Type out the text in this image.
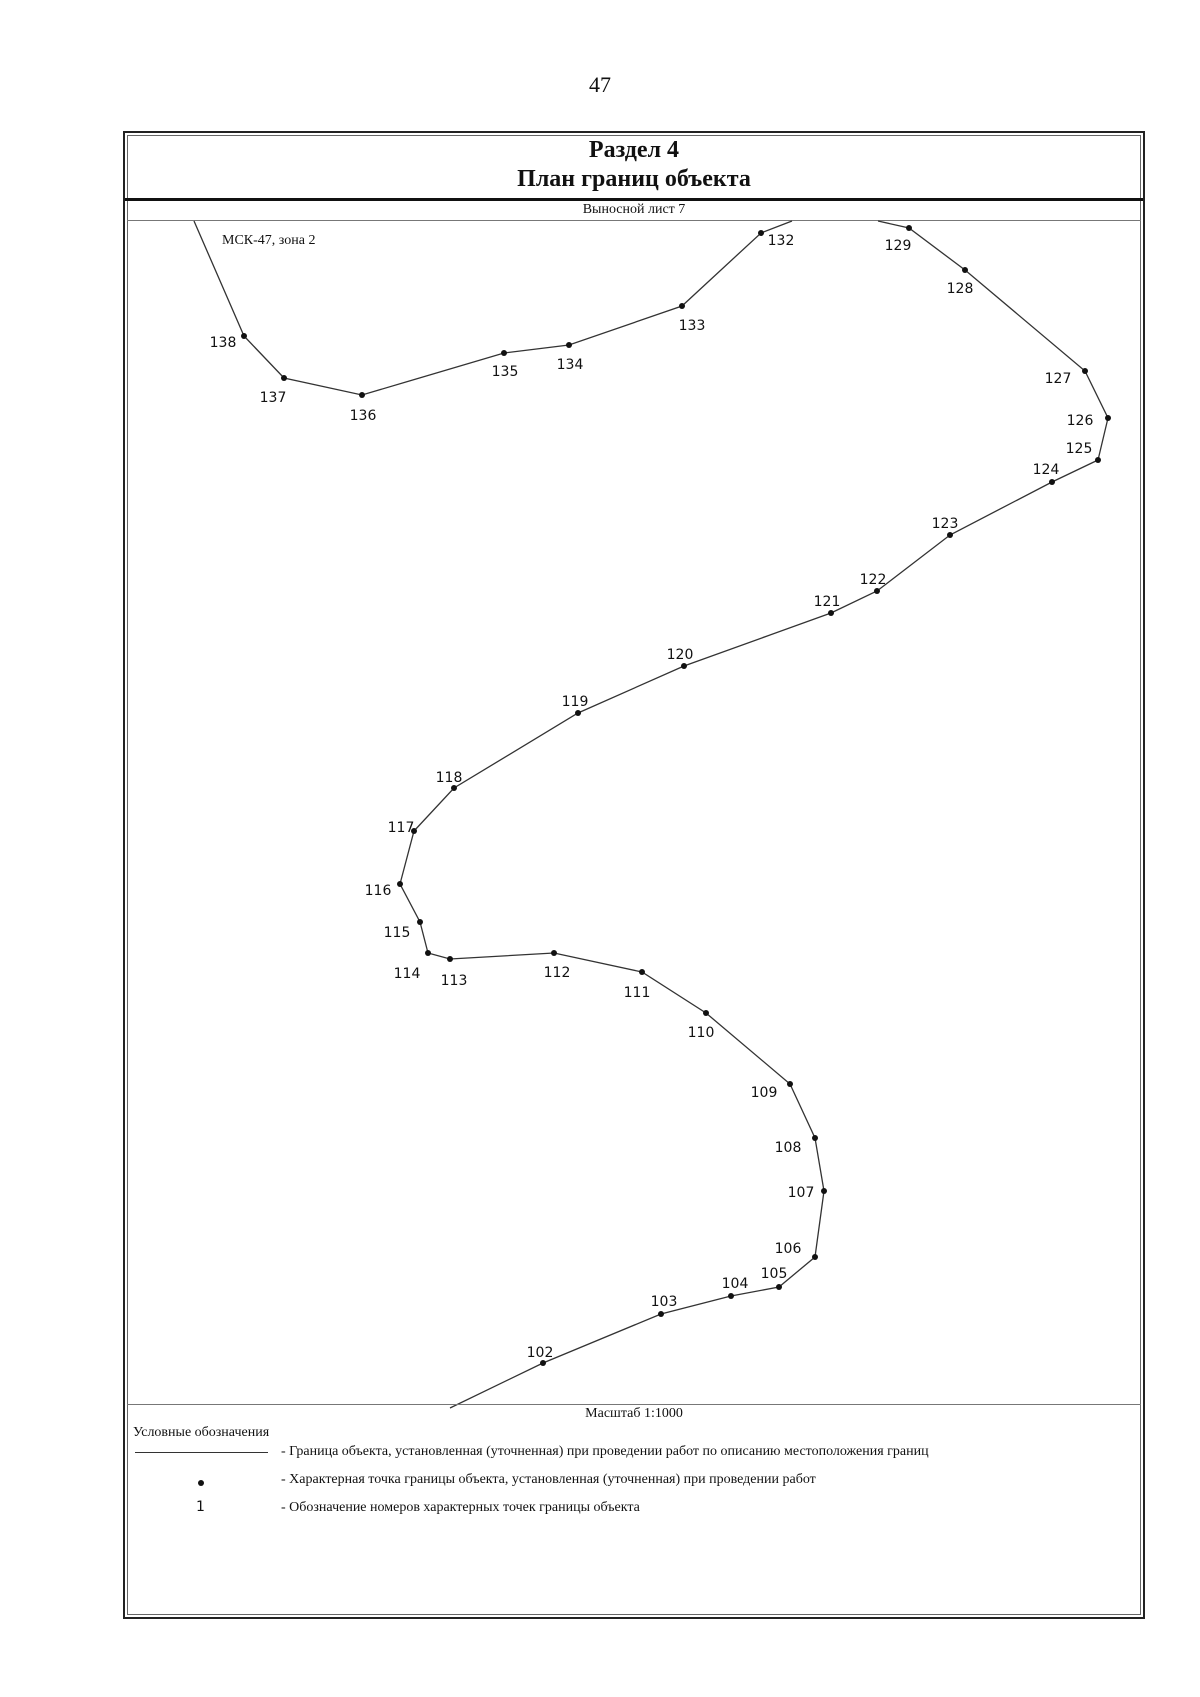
47
Раздел 4
План границ объекта
Выносной лист 7
102
103
104
105
106
107
108
109
110
111
112
113
114
115
116
117
118
119
120
121
122
123
124
125
126
127
128
129
132
133
134
135
136
137
138
МСК-47, зона 2
Масштаб 1:1000
Условные обозначения
- Граница объекта, установленная (уточненная) при проведении работ по описанию местоположения границ
- Характерная точка границы объекта, установленная (уточненная) при проведении работ
1	- Обозначение номеров характерных точек границы объекта
